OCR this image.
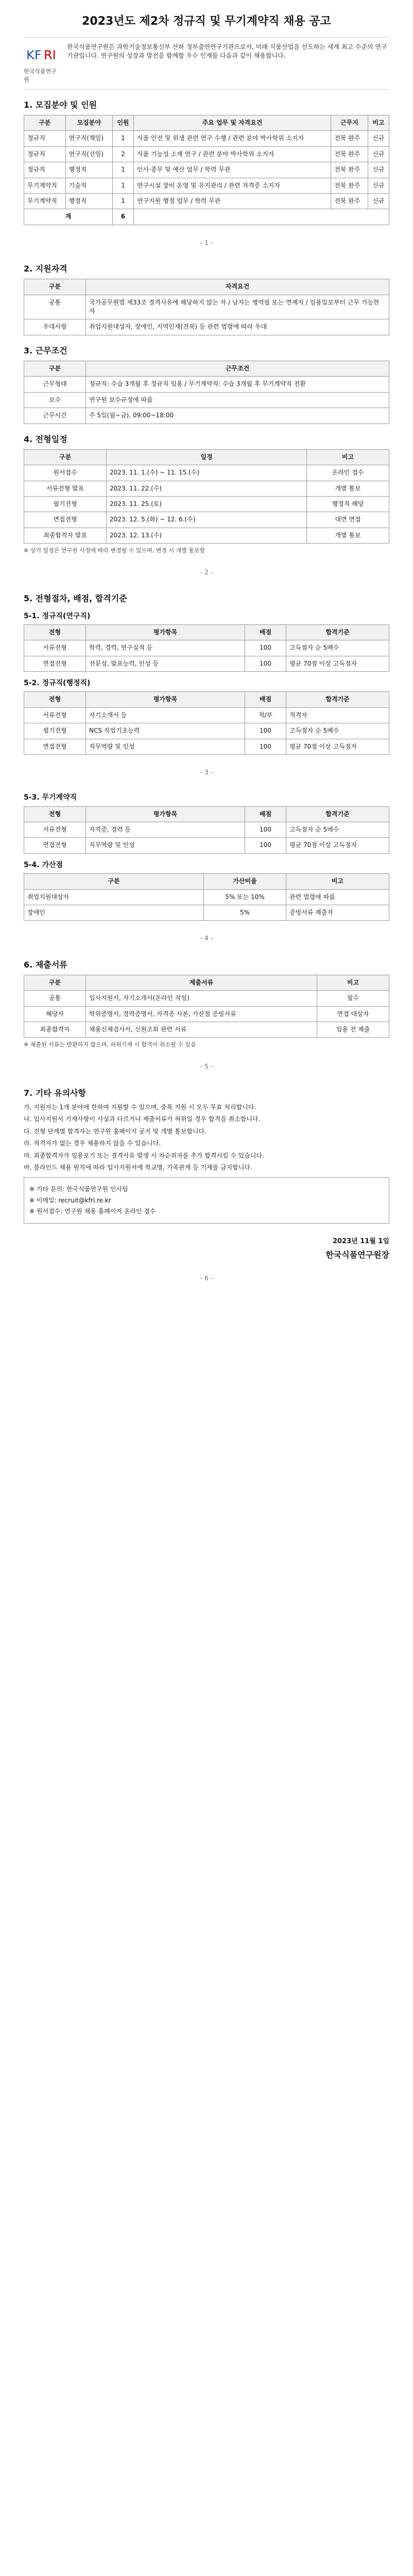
2023년도 제2차 정규직 및 무기계약직 채용 공고
KF RI
한국식품연구원
한국식품연구원은 과학기술정보통신부 산하 정부출연연구기관으로서, 미래 식품산업을 선도하는 세계 최고 수준의 연구기관입니다. 연구원의 성장과 발전을 함께할 우수 인재를 다음과 같이 채용합니다.
1. 모집분야 및 인원
구분	모집분야	인원	주요 업무 및 자격요건	근무지	비고
정규직	연구직(책임)	1	식품 안전 및 위생 관련 연구 수행 / 관련 분야 박사학위 소지자	전북 완주	신규
정규직	연구직(선임)	2	식품 기능성 소재 연구 / 관련 분야 박사학위 소지자	전북 완주	신규
정규직	행정직	1	인사·총무 및 예산 업무 / 학력 무관	전북 완주	신규
무기계약직	기술직	1	연구시설 장비 운영 및 유지관리 / 관련 자격증 소지자	전북 완주	신규
무기계약직	행정직	1	연구지원 행정 업무 / 학력 무관	전북 완주	신규
계		6			
- 1 -
2. 지원자격
구분	자격요건
공통	국가공무원법 제33조 결격사유에 해당하지 않는 자 / 남자는 병역필 또는 면제자 / 임용일로부터 근무 가능한 자
우대사항	취업지원대상자, 장애인, 지역인재(전북) 등 관련 법령에 따라 우대
3. 근무조건
구분	근무조건
근무형태	정규직: 수습 3개월 후 정규직 임용 / 무기계약직: 수습 3개월 후 무기계약직 전환
보수	연구원 보수규정에 따름
근무시간	주 5일(월~금), 09:00~18:00
4. 전형일정
구분	일정	비고
원서접수	2023. 11. 1.(수) ~ 11. 15.(수)	온라인 접수
서류전형 발표	2023. 11. 22.(수)	개별 통보
필기전형	2023. 11. 25.(토)	행정직 해당
면접전형	2023. 12. 5.(화) ~ 12. 6.(수)	대면 면접
최종합격자 발표	2023. 12. 13.(수)	개별 통보
※ 상기 일정은 연구원 사정에 따라 변경될 수 있으며, 변경 시 개별 통보함
- 2 -
5. 전형절차, 배점, 합격기준
5-1. 정규직(연구직)
전형	평가항목	배점	합격기준
서류전형	학력, 경력, 연구실적 등	100	고득점자 순 5배수
면접전형	전문성, 발표능력, 인성 등	100	평균 70점 이상 고득점자
5-2. 정규직(행정직)
전형	평가항목	배점	합격기준
서류전형	자기소개서 등	적/부	적격자
필기전형	NCS 직업기초능력	100	고득점자 순 5배수
면접전형	직무역량 및 인성	100	평균 70점 이상 고득점자
- 3 -
5-3. 무기계약직
전형	평가항목	배점	합격기준
서류전형	자격증, 경력 등	100	고득점자 순 5배수
면접전형	직무역량 및 인성	100	평균 70점 이상 고득점자
5-4. 가산점
구분	가산비율	비고
취업지원대상자	5% 또는 10%	관련 법령에 따름
장애인	5%	증빙서류 제출자
- 4 -
6. 제출서류
구분	제출서류	비고
공통	입사지원서, 자기소개서(온라인 작성)	필수
해당자	학위증명서, 경력증명서, 자격증 사본, 가산점 증빙서류	면접 대상자
최종합격자	채용신체검사서, 신원조회 관련 서류	임용 전 제출
※ 제출된 서류는 반환하지 않으며, 허위기재 시 합격이 취소될 수 있음
- 5 -
7. 기타 유의사항
가. 지원자는 1개 분야에 한하여 지원할 수 있으며, 중복 지원 시 모두 무효 처리합니다.
나. 입사지원서 기재사항이 사실과 다르거나 제출서류가 허위일 경우 합격을 취소합니다.
다. 전형 단계별 합격자는 연구원 홈페이지 공지 및 개별 통보합니다.
라. 적격자가 없는 경우 채용하지 않을 수 있습니다.
마. 최종합격자가 임용포기 또는 결격사유 발생 시 차순위자를 추가 합격시킬 수 있습니다.
바. 블라인드 채용 원칙에 따라 입사지원서에 학교명, 가족관계 등 기재를 금지합니다.
※ 기타 문의: 한국식품연구원 인사팀
※ 이메일: recruit@kfri.re.kr
※ 원서접수: 연구원 채용 홈페이지 온라인 접수
2023년 11월 1일
한국식품연구원장
- 6 -
